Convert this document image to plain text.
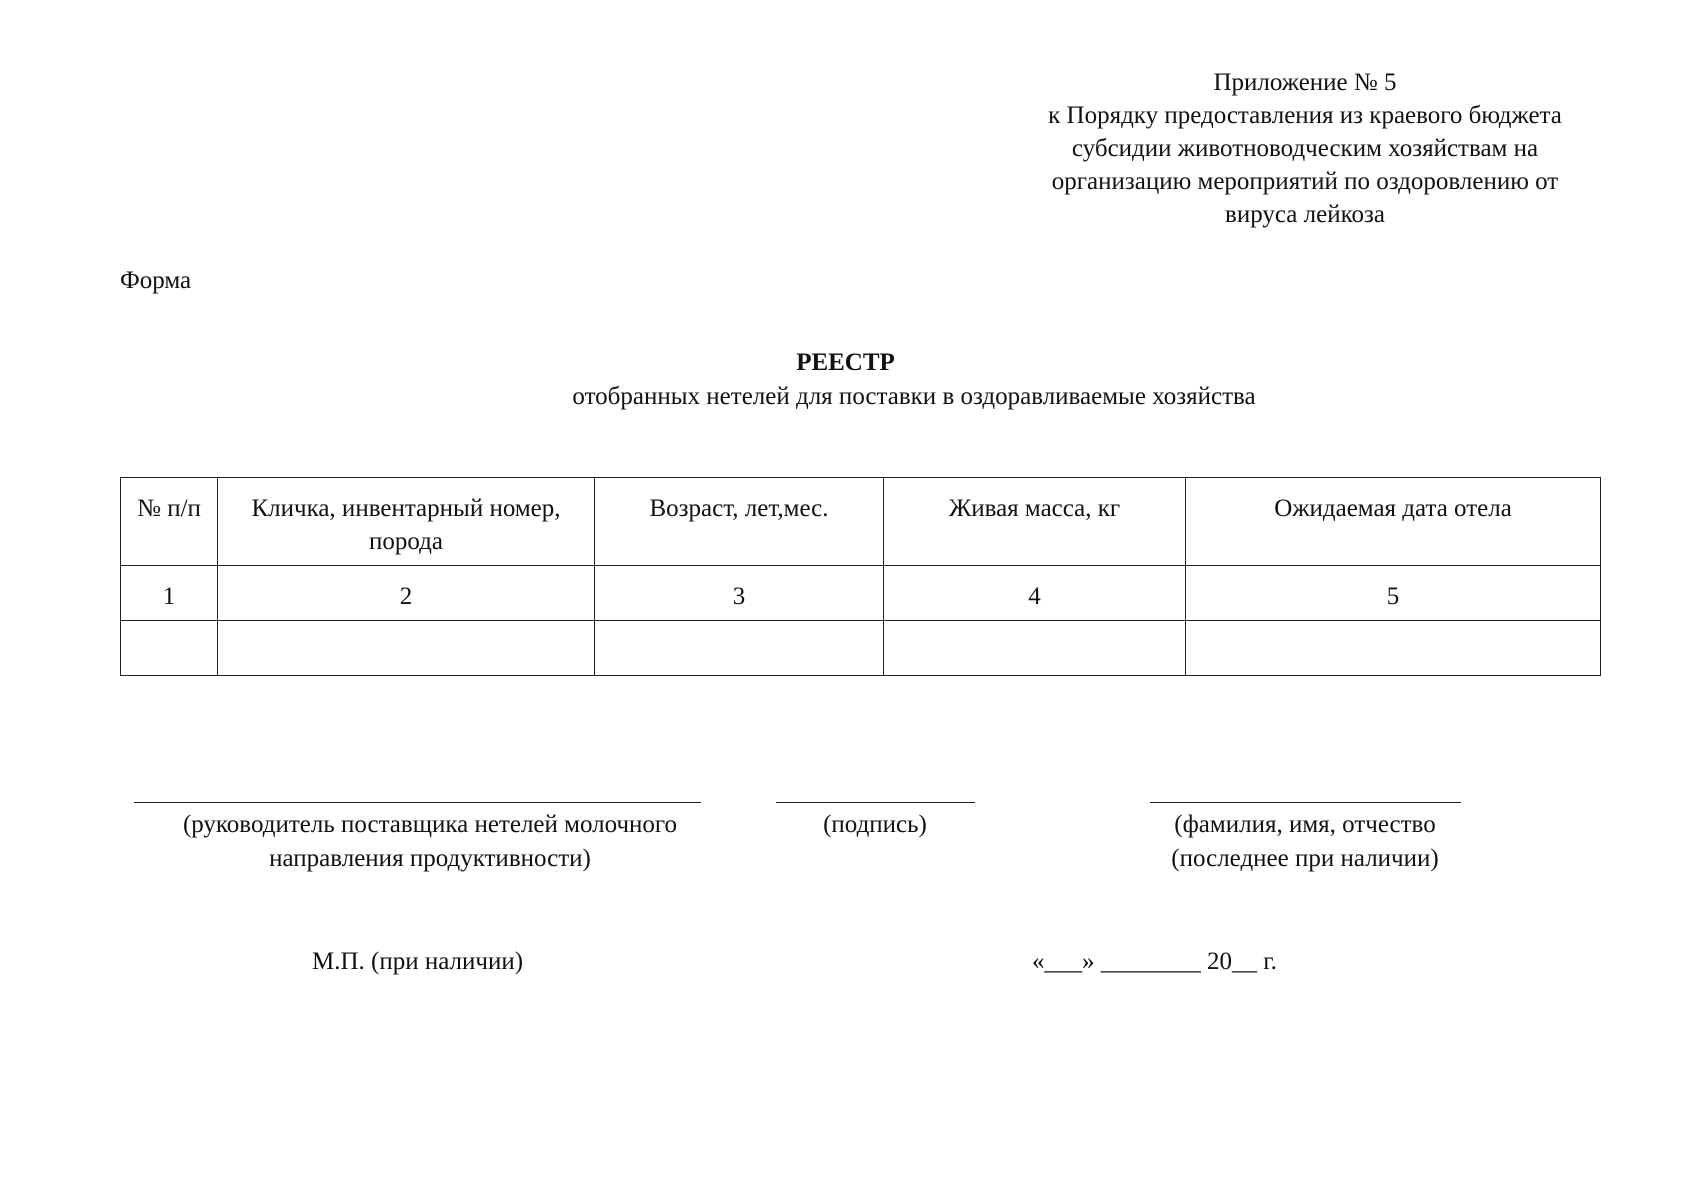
Приложение № 5
к Порядку предоставления из краевого бюджета
субсидии животноводческим хозяйствам на
организацию мероприятий по оздоровлению от
вируса лейкоза
Форма
РЕЕСТР
отобранных нетелей для поставки в оздоравливаемые хозяйства
№ п/п	Кличка, инвентарный номер, порода	Возраст, лет,мес.	Живая масса, кг	Ожидаемая дата отела
1	2	3	4	5

(руководитель поставщика нетелей молочного
направления продуктивности)
(подпись)	(фамилия, имя, отчество
(последнее при наличии)
М.П. (при наличии)	«___» ________ 20__ г.
